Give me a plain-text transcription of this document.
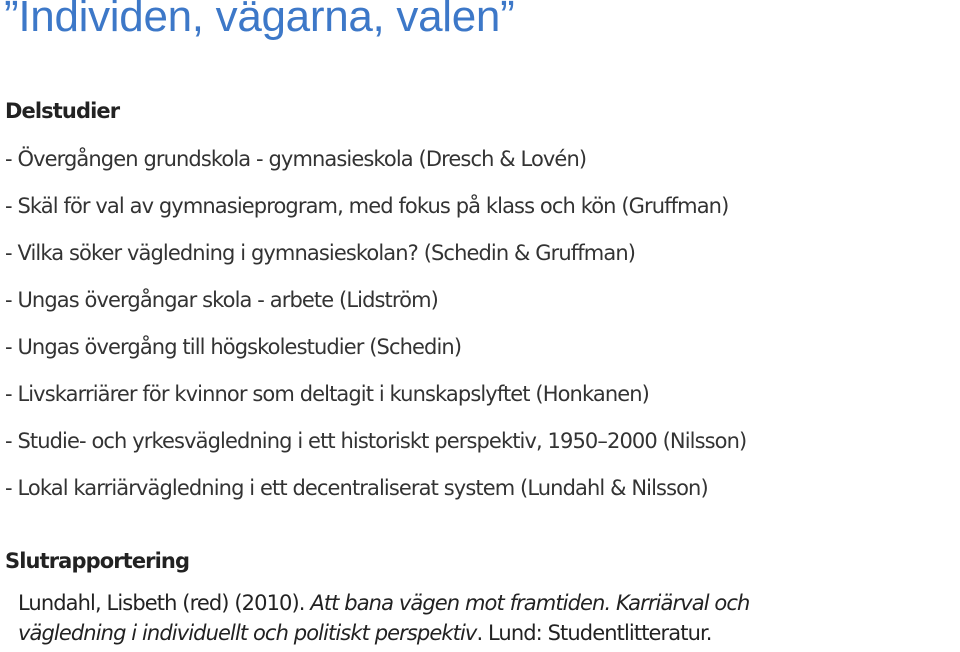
”Individen, vägarna, valen”
Delstudier
- Övergången grundskola - gymnasieskola (Dresch & Lovén)
- Skäl för val av gymnasieprogram, med fokus på klass och kön (Gruffman)
- Vilka söker vägledning i gymnasieskolan? (Schedin & Gruffman)
- Ungas övergångar skola - arbete (Lidström)
- Ungas övergång till högskolestudier (Schedin)
- Livskarriärer för kvinnor som deltagit i kunskapslyftet (Honkanen)
- Studie- och yrkesvägledning i ett historiskt perspektiv, 1950–2000 (Nilsson)
- Lokal karriärvägledning i ett decentraliserat system (Lundahl & Nilsson)
Slutrapportering

Lundahl, Lisbeth (red) (2010). Att bana vägen mot framtiden. Karriärval och
vägledning i individuellt och politiskt perspektiv. Lund: Studentlitteratur.
